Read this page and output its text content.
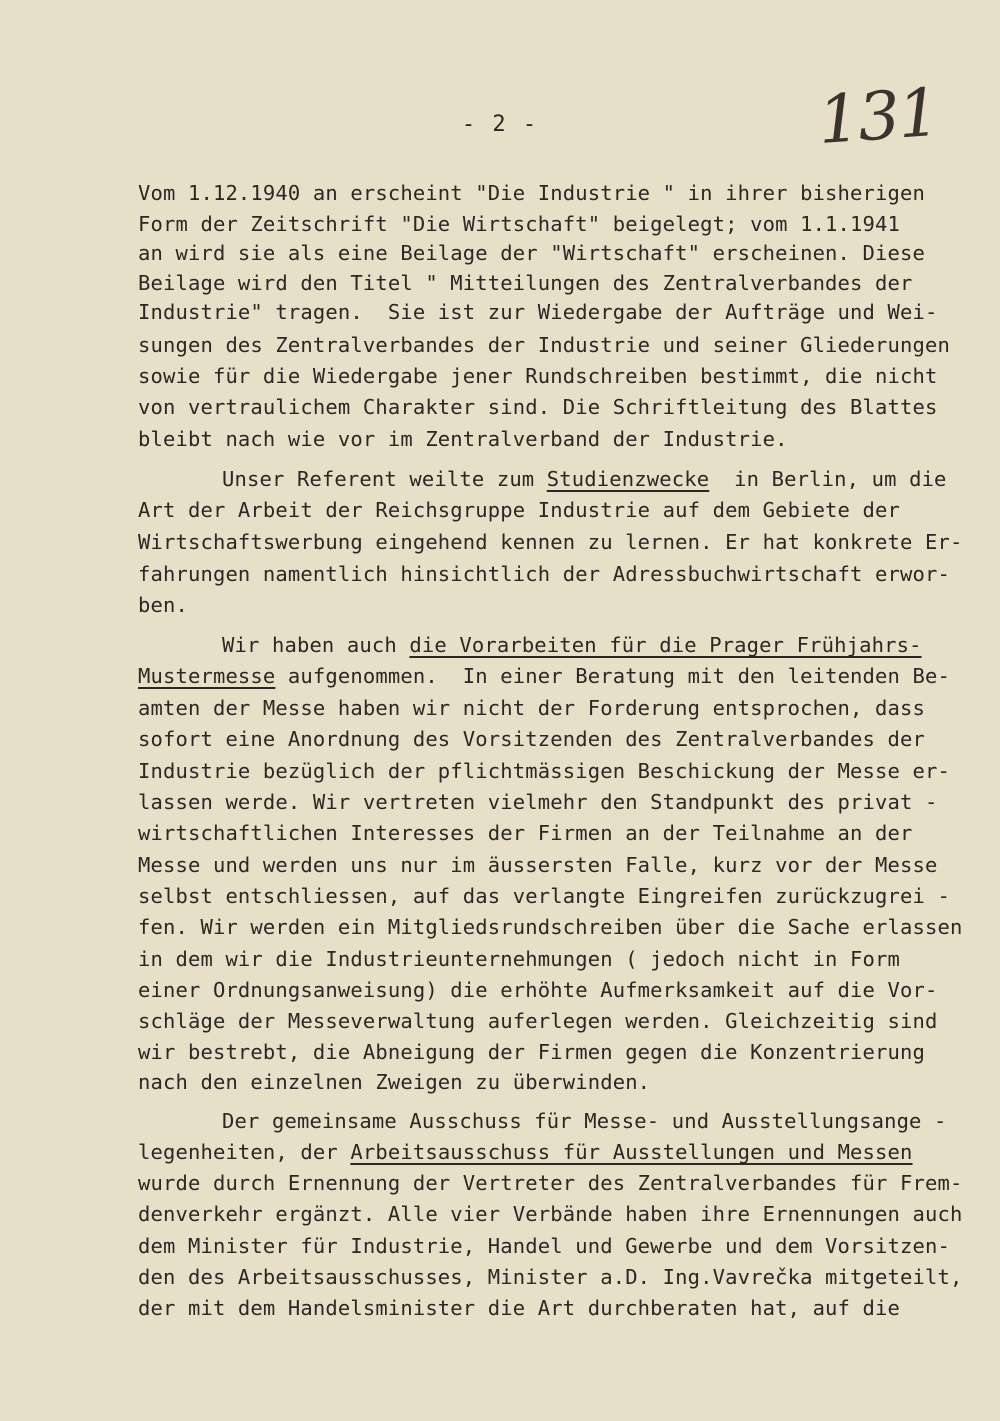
- 2 -	131
Vom 1.12.1940 an erscheint "Die Industrie " in ihrer bisherigen
Form der Zeitschrift "Die Wirtschaft" beigelegt; vom 1.1.1941
an wird sie als eine Beilage der "Wirtschaft" erscheinen. Diese
Beilage wird den Titel " Mitteilungen des Zentralverbandes der
Industrie" tragen.  Sie ist zur Wiedergabe der Aufträge und Wei-
sungen des Zentralverbandes der Industrie und seiner Gliederungen
sowie für die Wiedergabe jener Rundschreiben bestimmt, die nicht
von vertraulichem Charakter sind. Die Schriftleitung des Blattes
bleibt nach wie vor im Zentralverband der Industrie.
Unser Referent weilte zum Studienzwecke  in Berlin, um die
Art der Arbeit der Reichsgruppe Industrie auf dem Gebiete der
Wirtschaftswerbung eingehend kennen zu lernen. Er hat konkrete Er-
fahrungen namentlich hinsichtlich der Adressbuchwirtschaft erwor-
ben.
Wir haben auch die Vorarbeiten für die Prager Frühjahrs-
Mustermesse aufgenommen.  In einer Beratung mit den leitenden Be-
amten der Messe haben wir nicht der Forderung entsprochen, dass
sofort eine Anordnung des Vorsitzenden des Zentralverbandes der
Industrie bezüglich der pflichtmässigen Beschickung der Messe er-
lassen werde. Wir vertreten vielmehr den Standpunkt des privat -
wirtschaftlichen Interesses der Firmen an der Teilnahme an der
Messe und werden uns nur im äussersten Falle, kurz vor der Messe
selbst entschliessen, auf das verlangte Eingreifen zurückzugrei -
fen. Wir werden ein Mitgliedsrundschreiben über die Sache erlassen
in dem wir die Industrieunternehmungen ( jedoch nicht in Form
einer Ordnungsanweisung) die erhöhte Aufmerksamkeit auf die Vor-
schläge der Messeverwaltung auferlegen werden. Gleichzeitig sind
wir bestrebt, die Abneigung der Firmen gegen die Konzentrierung
nach den einzelnen Zweigen zu überwinden.
Der gemeinsame Ausschuss für Messe- und Ausstellungsange -
legenheiten, der Arbeitsausschuss für Ausstellungen und Messen
wurde durch Ernennung der Vertreter des Zentralverbandes für Frem-
denverkehr ergänzt. Alle vier Verbände haben ihre Ernennungen auch
dem Minister für Industrie, Handel und Gewerbe und dem Vorsitzen-
den des Arbeitsausschusses, Minister a.D. Ing.Vavrečka mitgeteilt,
der mit dem Handelsminister die Art durchberaten hat, auf die
